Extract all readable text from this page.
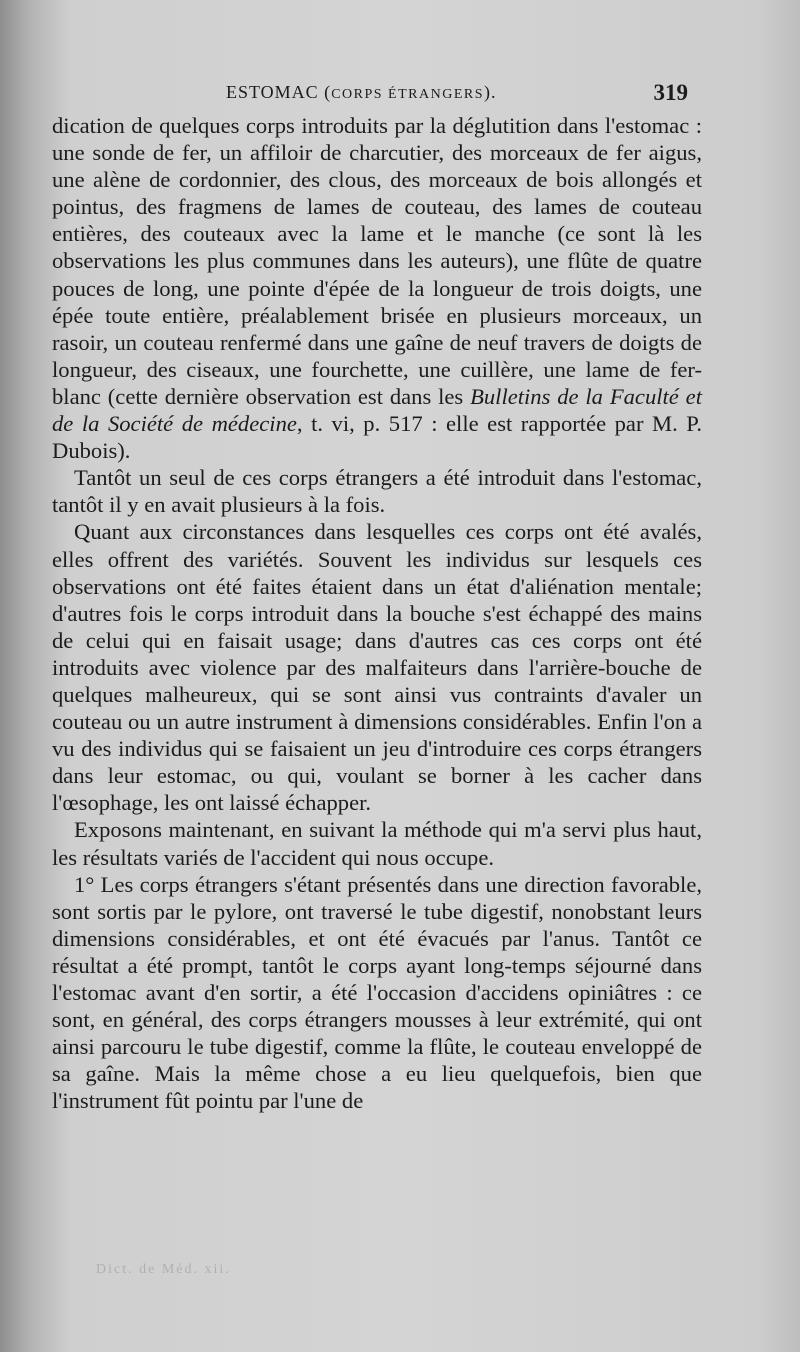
ESTOMAC (CORPS ÉTRANGERS).	319

dication de quelques corps introduits par la déglutition dans l'estomac : une sonde de fer, un affiloir de charcutier, des morceaux de fer aigus, une alène de cordonnier, des clous, des morceaux de bois allongés et pointus, des fragmens de lames de couteau, des lames de couteau entières, des couteaux avec la lame et le manche (ce sont là les observations les plus communes dans les auteurs), une flûte de quatre pouces de long, une pointe d'épée de la longueur de trois doigts, une épée toute entière, préalablement brisée en plusieurs morceaux, un rasoir, un couteau renfermé dans une gaîne de neuf travers de doigts de longueur, des ciseaux, une fourchette, une cuillère, une lame de fer-blanc (cette dernière observation est dans les Bulletins de la Faculté et de la Société de médecine, t. vi, p. 517 : elle est rapportée par M. P. Dubois).

Tantôt un seul de ces corps étrangers a été introduit dans l'estomac, tantôt il y en avait plusieurs à la fois.

Quant aux circonstances dans lesquelles ces corps ont été avalés, elles offrent des variétés. Souvent les individus sur lesquels ces observations ont été faites étaient dans un état d'aliénation mentale; d'autres fois le corps introduit dans la bouche s'est échappé des mains de celui qui en faisait usage; dans d'autres cas ces corps ont été introduits avec violence par des malfaiteurs dans l'arrière-bouche de quelques malheureux, qui se sont ainsi vus contraints d'avaler un couteau ou un autre instrument à dimensions considérables. Enfin l'on a vu des individus qui se faisaient un jeu d'introduire ces corps étrangers dans leur estomac, ou qui, voulant se borner à les cacher dans l'œsophage, les ont laissé échapper.

Exposons maintenant, en suivant la méthode qui m'a servi plus haut, les résultats variés de l'accident qui nous occupe.

1° Les corps étrangers s'étant présentés dans une direction favorable, sont sortis par le pylore, ont traversé le tube digestif, nonobstant leurs dimensions considérables, et ont été évacués par l'anus. Tantôt ce résultat a été prompt, tantôt le corps ayant long-temps séjourné dans l'estomac avant d'en sortir, a été l'occasion d'accidens opiniâtres : ce sont, en général, des corps étrangers mousses à leur extrémité, qui ont ainsi parcouru le tube digestif, comme la flûte, le couteau enveloppé de sa gaîne. Mais la même chose a eu lieu quelquefois, bien que l'instrument fût pointu par l'une de

Dict. de Méd. xii.
